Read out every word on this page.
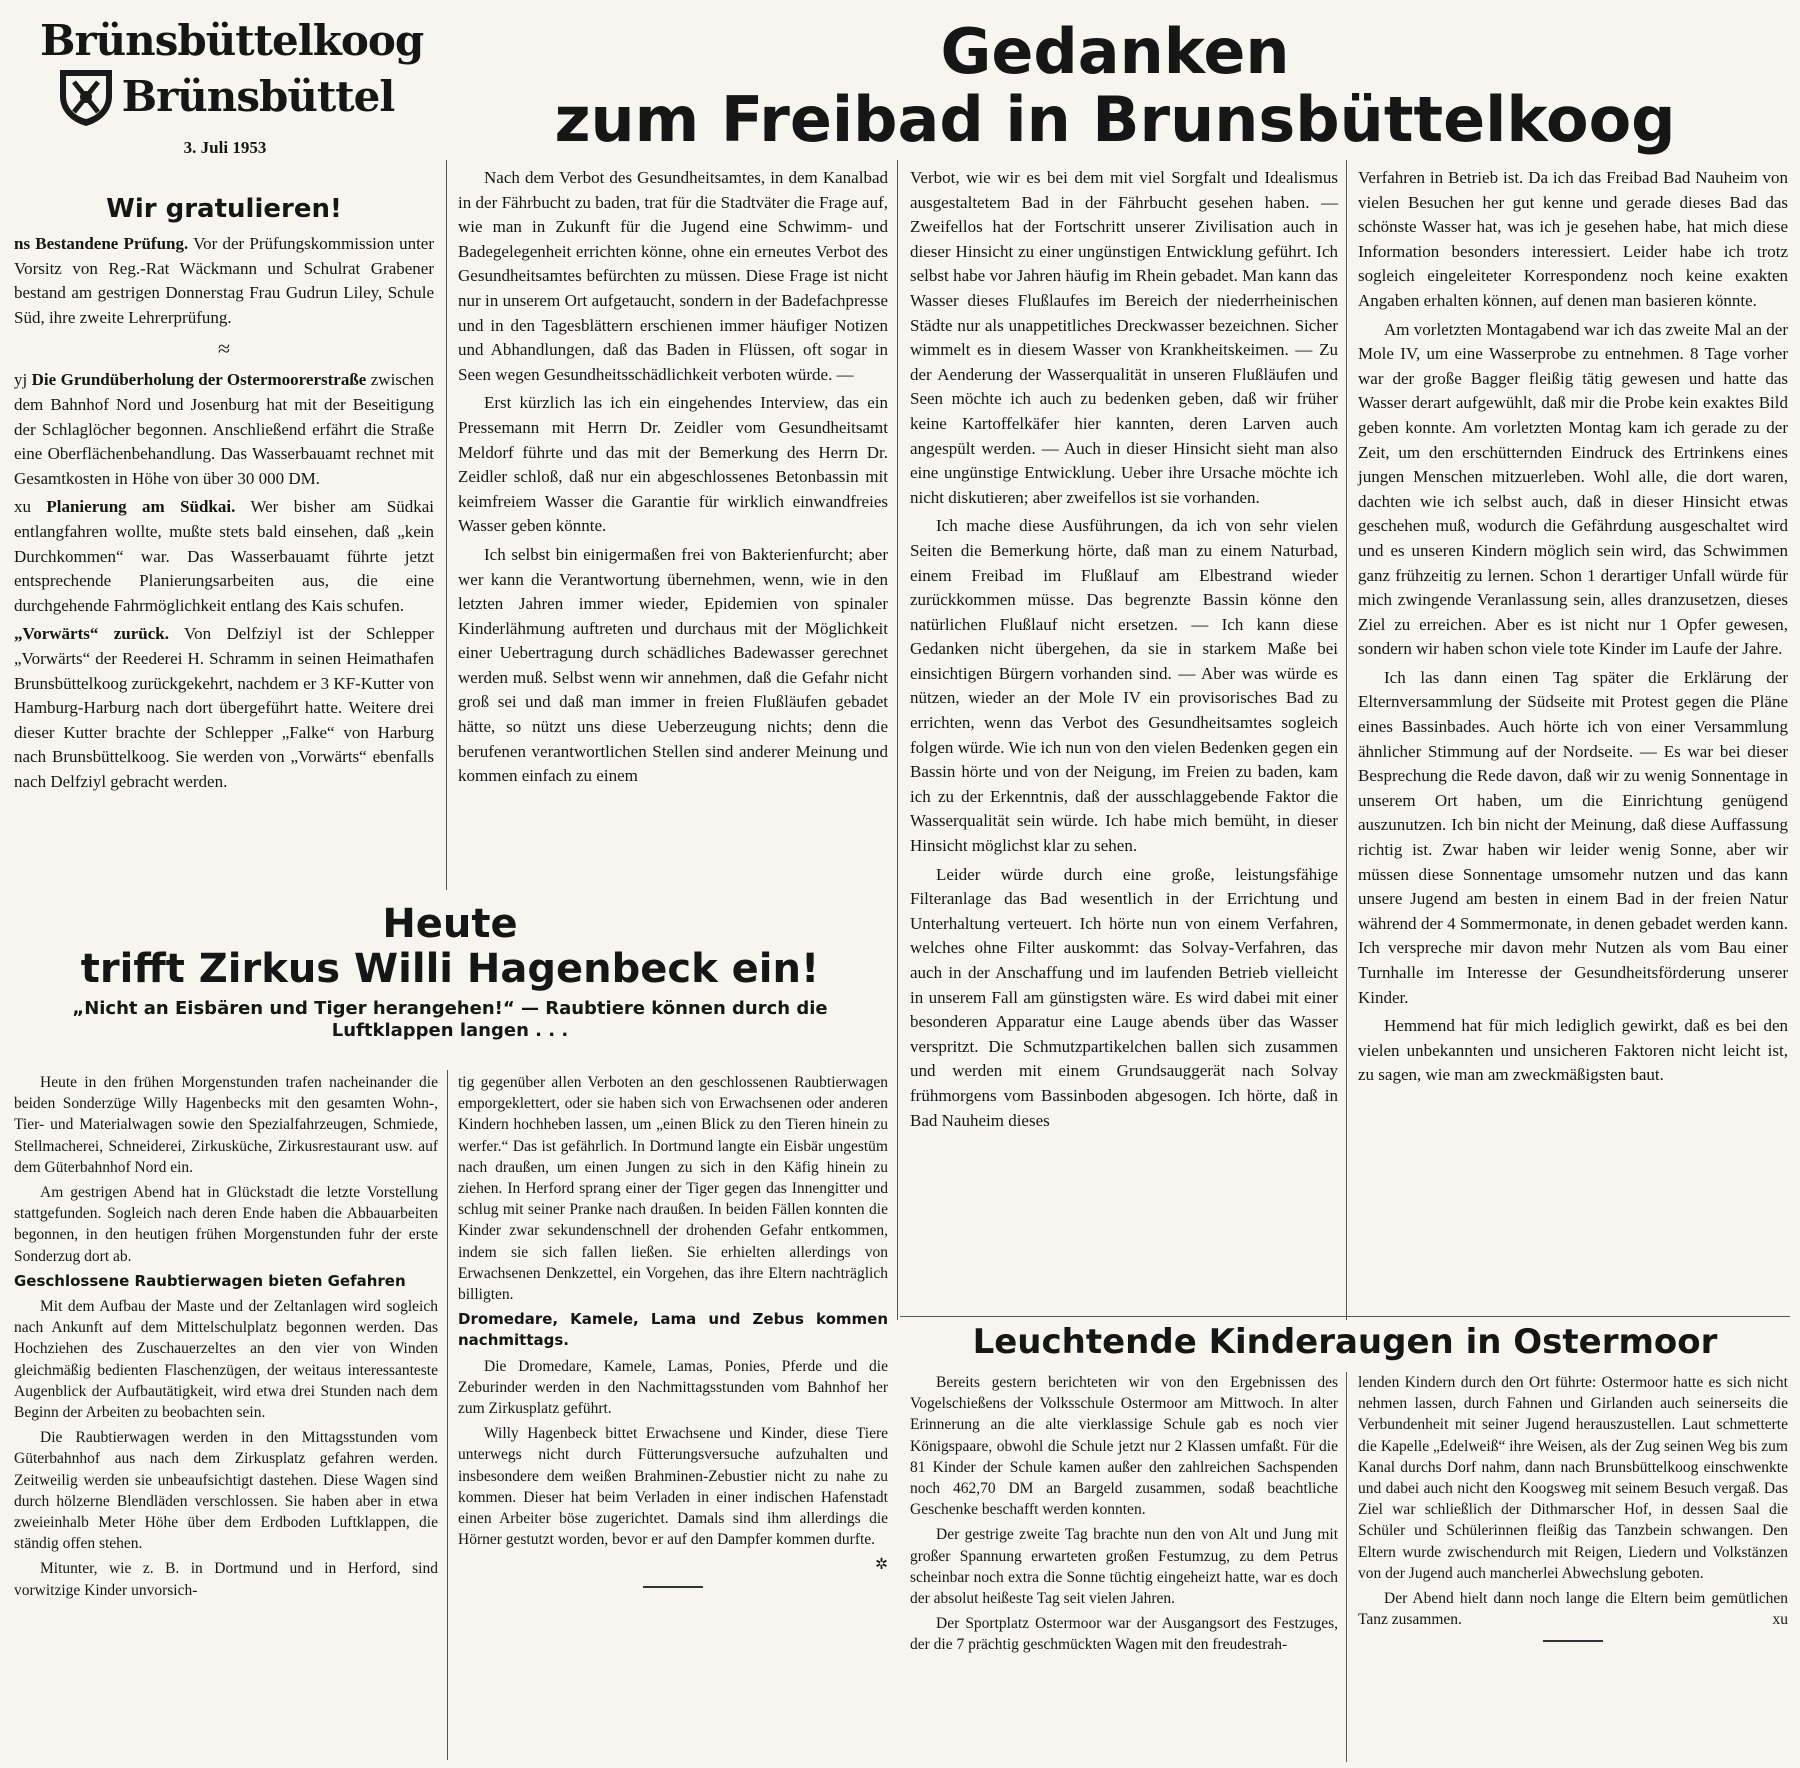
Brünsbüttelkoog
Brünsbüttel
3. Juli 1953
Wir gratulieren!

ns Bestandene Prüfung. Vor der Prüfungskommission unter Vorsitz von Reg.-Rat Wäckmann und Schulrat Grabener bestand am gestrigen Donnerstag Frau Gudrun Liley, Schule Süd, ihre zweite Lehrerprüfung.

≈

yj Die Grundüberholung der Ostermoorerstraße zwischen dem Bahnhof Nord und Josenburg hat mit der Beseitigung der Schlaglöcher begonnen. Anschließend erfährt die Straße eine Oberflächenbehandlung. Das Wasserbauamt rechnet mit Gesamtkosten in Höhe von über 30 000 DM.

xu Planierung am Südkai. Wer bisher am Südkai entlangfahren wollte, mußte stets bald einsehen, daß „kein Durchkommen“ war. Das Wasserbauamt führte jetzt entsprechende Planierungsarbeiten aus, die eine durchgehende Fahrmöglichkeit entlang des Kais schufen.

„Vorwärts“ zurück. Von Delfziyl ist der Schlepper „Vorwärts“ der Reederei H. Schramm in seinen Heimathafen Brunsbüttelkoog zurückgekehrt, nachdem er 3 KF-Kutter von Hamburg-Harburg nach dort übergeführt hatte. Weitere drei dieser Kutter brachte der Schlepper „Falke“ von Harburg nach Brunsbüttelkoog. Sie werden von „Vorwärts“ ebenfalls nach Delfziyl gebracht werden.

Gedanken
zum Freibad in Brunsbüttelkoog

Nach dem Verbot des Gesundheitsamtes, in dem Kanalbad in der Fährbucht zu baden, trat für die Stadtväter die Frage auf, wie man in Zukunft für die Jugend eine Schwimm- und Badegelegenheit errichten könne, ohne ein erneutes Verbot des Gesundheitsamtes befürchten zu müssen. Diese Frage ist nicht nur in unserem Ort aufgetaucht, sondern in der Badefachpresse und in den Tagesblättern erschienen immer häufiger Notizen und Abhandlungen, daß das Baden in Flüssen, oft sogar in Seen wegen Gesundheitsschädlichkeit verboten würde. —

Erst kürzlich las ich ein eingehendes Interview, das ein Pressemann mit Herrn Dr. Zeidler vom Gesundheitsamt Meldorf führte und das mit der Bemerkung des Herrn Dr. Zeidler schloß, daß nur ein abgeschlossenes Betonbassin mit keimfreiem Wasser die Garantie für wirklich einwandfreies Wasser geben könnte.

Ich selbst bin einigermaßen frei von Bakterienfurcht; aber wer kann die Verantwortung übernehmen, wenn, wie in den letzten Jahren immer wieder, Epidemien von spinaler Kinderlähmung auftreten und durchaus mit der Möglichkeit einer Uebertragung durch schädliches Badewasser gerechnet werden muß. Selbst wenn wir annehmen, daß die Gefahr nicht groß sei und daß man immer in freien Flußläufen gebadet hätte, so nützt uns diese Ueberzeugung nichts; denn die berufenen verantwortlichen Stellen sind anderer Meinung und kommen einfach zu einem

Verbot, wie wir es bei dem mit viel Sorgfalt und Idealismus ausgestaltetem Bad in der Fährbucht gesehen haben. — Zweifellos hat der Fortschritt unserer Zivilisation auch in dieser Hinsicht zu einer ungünstigen Entwicklung geführt. Ich selbst habe vor Jahren häufig im Rhein gebadet. Man kann das Wasser dieses Flußlaufes im Bereich der niederrheinischen Städte nur als unappetitliches Dreckwasser bezeichnen. Sicher wimmelt es in diesem Wasser von Krankheitskeimen. — Zu der Aenderung der Wasserqualität in unseren Flußläufen und Seen möchte ich auch zu bedenken geben, daß wir früher keine Kartoffelkäfer hier kannten, deren Larven auch angespült werden. — Auch in dieser Hinsicht sieht man also eine ungünstige Entwicklung. Ueber ihre Ursache möchte ich nicht diskutieren; aber zweifellos ist sie vorhanden.

Ich mache diese Ausführungen, da ich von sehr vielen Seiten die Bemerkung hörte, daß man zu einem Naturbad, einem Freibad im Flußlauf am Elbestrand wieder zurückkommen müsse. Das begrenzte Bassin könne den natürlichen Flußlauf nicht ersetzen. — Ich kann diese Gedanken nicht übergehen, da sie in starkem Maße bei einsichtigen Bürgern vorhanden sind. — Aber was würde es nützen, wieder an der Mole IV ein provisorisches Bad zu errichten, wenn das Verbot des Gesundheitsamtes sogleich folgen würde. Wie ich nun von den vielen Bedenken gegen ein Bassin hörte und von der Neigung, im Freien zu baden, kam ich zu der Erkenntnis, daß der ausschlaggebende Faktor die Wasserqualität sein würde. Ich habe mich bemüht, in dieser Hinsicht möglichst klar zu sehen.

Leider würde durch eine große, leistungsfähige Filteranlage das Bad wesentlich in der Errichtung und Unterhaltung verteuert. Ich hörte nun von einem Verfahren, welches ohne Filter auskommt: das Solvay-Verfahren, das auch in der Anschaffung und im laufenden Betrieb vielleicht in unserem Fall am günstigsten wäre. Es wird dabei mit einer besonderen Apparatur eine Lauge abends über das Wasser verspritzt. Die Schmutzpartikelchen ballen sich zusammen und werden mit einem Grundsauggerät nach Solvay frühmorgens vom Bassinboden abgesogen. Ich hörte, daß in Bad Nauheim dieses

Verfahren in Betrieb ist. Da ich das Freibad Bad Nauheim von vielen Besuchen her gut kenne und gerade dieses Bad das schönste Wasser hat, was ich je gesehen habe, hat mich diese Information besonders interessiert. Leider habe ich trotz sogleich eingeleiteter Korrespondenz noch keine exakten Angaben erhalten können, auf denen man basieren könnte.

Am vorletzten Montagabend war ich das zweite Mal an der Mole IV, um eine Wasserprobe zu entnehmen. 8 Tage vorher war der große Bagger fleißig tätig gewesen und hatte das Wasser derart aufgewühlt, daß mir die Probe kein exaktes Bild geben konnte. Am vorletzten Montag kam ich gerade zu der Zeit, um den erschütternden Eindruck des Ertrinkens eines jungen Menschen mitzuerleben. Wohl alle, die dort waren, dachten wie ich selbst auch, daß in dieser Hinsicht etwas geschehen muß, wodurch die Gefährdung ausgeschaltet wird und es unseren Kindern möglich sein wird, das Schwimmen ganz frühzeitig zu lernen. Schon 1 derartiger Unfall würde für mich zwingende Veranlassung sein, alles dranzusetzen, dieses Ziel zu erreichen. Aber es ist nicht nur 1 Opfer gewesen, sondern wir haben schon viele tote Kinder im Laufe der Jahre.

Ich las dann einen Tag später die Erklärung der Elternversammlung der Südseite mit Protest gegen die Pläne eines Bassinbades. Auch hörte ich von einer Versammlung ähnlicher Stimmung auf der Nordseite. — Es war bei dieser Besprechung die Rede davon, daß wir zu wenig Sonnentage in unserem Ort haben, um die Einrichtung genügend auszunutzen. Ich bin nicht der Meinung, daß diese Auffassung richtig ist. Zwar haben wir leider wenig Sonne, aber wir müssen diese Sonnentage umsomehr nutzen und das kann unsere Jugend am besten in einem Bad in der freien Natur während der 4 Sommermonate, in denen gebadet werden kann. Ich verspreche mir davon mehr Nutzen als vom Bau einer Turnhalle im Interesse der Gesundheitsförderung unserer Kinder.

Hemmend hat für mich lediglich gewirkt, daß es bei den vielen unbekannten und unsicheren Faktoren nicht leicht ist, zu sagen, wie man am zweckmäßigsten baut.

Heute
trifft Zirkus Willi Hagenbeck ein!
„Nicht an Eisbären und Tiger herangehen!“ — Raubtiere können durch die Luftklappen langen . . .

Heute in den frühen Morgenstunden trafen nacheinander die beiden Sonderzüge Willy Hagenbecks mit den gesamten Wohn-, Tier- und Materialwagen sowie den Spezialfahrzeugen, Schmiede, Stellmacherei, Schneiderei, Zirkusküche, Zirkusrestaurant usw. auf dem Güterbahnhof Nord ein.

Am gestrigen Abend hat in Glückstadt die letzte Vorstellung stattgefunden. Sogleich nach deren Ende haben die Abbauarbeiten begonnen, in den heutigen frühen Morgenstunden fuhr der erste Sonderzug dort ab.

Geschlossene Raubtierwagen bieten Gefahren

Mit dem Aufbau der Maste und der Zeltanlagen wird sogleich nach Ankunft auf dem Mittelschulplatz begonnen werden. Das Hochziehen des Zuschauerzeltes an den vier von Winden gleichmäßig bedienten Flaschenzügen, der weitaus interessanteste Augenblick der Aufbautätigkeit, wird etwa drei Stunden nach dem Beginn der Arbeiten zu beobachten sein.

Die Raubtierwagen werden in den Mittagsstunden vom Güterbahnhof aus nach dem Zirkusplatz gefahren werden. Zeitweilig werden sie unbeaufsichtigt dastehen. Diese Wagen sind durch hölzerne Blendläden verschlossen. Sie haben aber in etwa zweieinhalb Meter Höhe über dem Erdboden Luftklappen, die ständig offen stehen.

Mitunter, wie z. B. in Dortmund und in Herford, sind vorwitzige Kinder unvorsich-

tig gegenüber allen Verboten an den geschlossenen Raubtierwagen emporgeklettert, oder sie haben sich von Erwachsenen oder anderen Kindern hochheben lassen, um „einen Blick zu den Tieren hinein zu werfer.“ Das ist gefährlich. In Dortmund langte ein Eisbär ungestüm nach draußen, um einen Jungen zu sich in den Käfig hinein zu ziehen. In Herford sprang einer der Tiger gegen das Innengitter und schlug mit seiner Pranke nach draußen. In beiden Fällen konnten die Kinder zwar sekundenschnell der drohenden Gefahr entkommen, indem sie sich fallen ließen. Sie erhielten allerdings von Erwachsenen Denkzettel, ein Vorgehen, das ihre Eltern nachträglich billigten.

Dromedare, Kamele, Lama und Zebus kommen nachmittags.

Die Dromedare, Kamele, Lamas, Ponies, Pferde und die Zeburinder werden in den Nachmittagsstunden vom Bahnhof her zum Zirkusplatz geführt.

Willy Hagenbeck bittet Erwachsene und Kinder, diese Tiere unterwegs nicht durch Fütterungsversuche aufzuhalten und insbesondere dem weißen Brahminen-Zebustier nicht zu nahe zu kommen. Dieser hat beim Verladen in einer indischen Hafenstadt einen Arbeiter böse zugerichtet. Damals sind ihm allerdings die Hörner gestutzt worden, bevor er auf den Dampfer kommen durfte.

✲
Leuchtende Kinderaugen in Ostermoor

Bereits gestern berichteten wir von den Ergebnissen des Vogelschießens der Volksschule Ostermoor am Mittwoch. In alter Erinnerung an die alte vierklassige Schule gab es noch vier Königspaare, obwohl die Schule jetzt nur 2 Klassen umfaßt. Für die 81 Kinder der Schule kamen außer den zahlreichen Sachspenden noch 462,70 DM an Bargeld zusammen, sodaß beachtliche Geschenke beschafft werden konnten.

Der gestrige zweite Tag brachte nun den von Alt und Jung mit großer Spannung erwarteten großen Festumzug, zu dem Petrus scheinbar noch extra die Sonne tüchtig eingeheizt hatte, war es doch der absolut heißeste Tag seit vielen Jahren.

Der Sportplatz Ostermoor war der Ausgangsort des Festzuges, der die 7 prächtig geschmückten Wagen mit den freudestrah-

lenden Kindern durch den Ort führte: Ostermoor hatte es sich nicht nehmen lassen, durch Fahnen und Girlanden auch seinerseits die Verbundenheit mit seiner Jugend herauszustellen. Laut schmetterte die Kapelle „Edelweiß“ ihre Weisen, als der Zug seinen Weg bis zum Kanal durchs Dorf nahm, dann nach Brunsbüttelkoog einschwenkte und dabei auch nicht den Koogsweg mit seinem Besuch vergaß. Das Ziel war schließlich der Dithmarscher Hof, in dessen Saal die Schüler und Schülerinnen fleißig das Tanzbein schwangen. Den Eltern wurde zwischendurch mit Reigen, Liedern und Volkstänzen von der Jugend auch mancherlei Abwechslung geboten.

Der Abend hielt dann noch lange die Eltern beim gemütlichen Tanz zusammen.	xu
